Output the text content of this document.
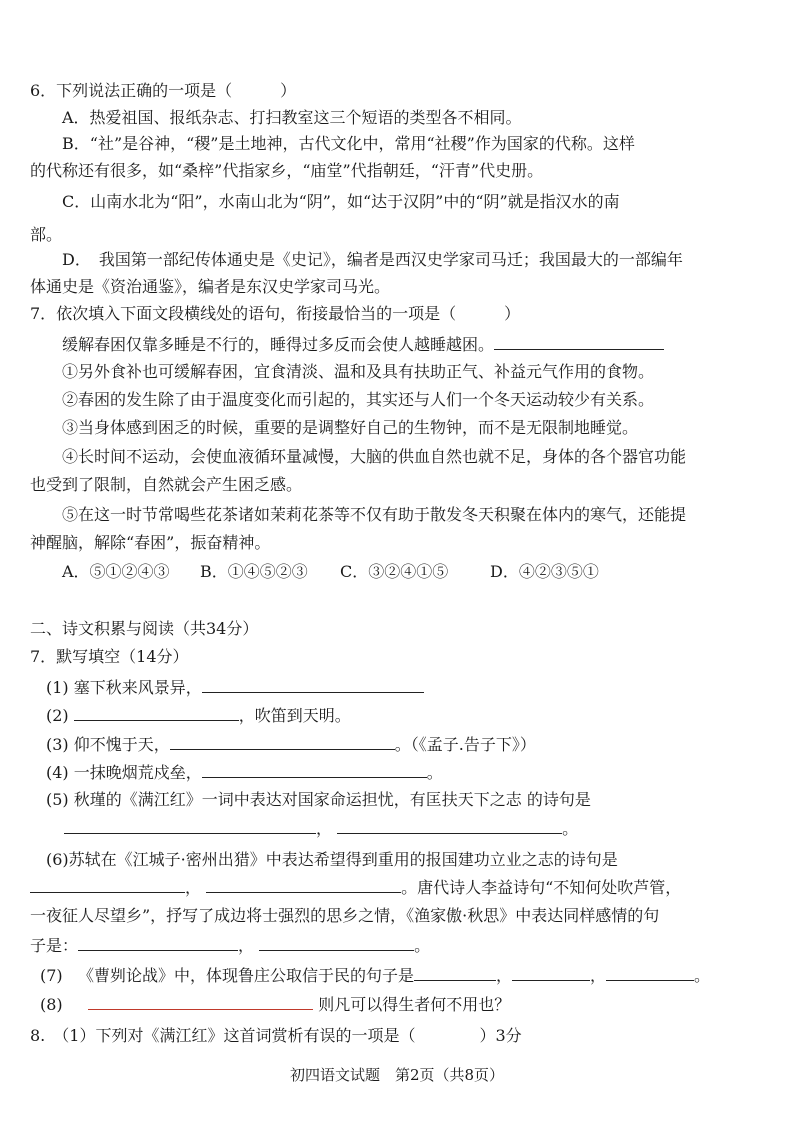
6．下列说法正确的一项是（　　　）
A．热爱祖国、报纸杂志、打扫教室这三个短语的类型各不相同。
B．“社”是谷神，“稷”是土地神，古代文化中，常用“社稷”作为国家的代称。这样
的代称还有很多，如“桑梓”代指家乡，“庙堂”代指朝廷，“汗青”代史册。
C．山南水北为“阳”，水南山北为“阴”，如“达于汉阴”中的“阴”就是指汉水的南
部。
D．　我国第一部纪传体通史是《史记》，编者是西汉史学家司马迁；我国最大的一部编年
体通史是《资治通鉴》，编者是东汉史学家司马光。
7．依次填入下面文段横线处的语句，衔接最恰当的一项是（　　　）
缓解春困仅靠多睡是不行的，睡得过多反而会使人越睡越困。
①另外食补也可缓解春困，宜食清淡、温和及具有扶助正气、补益元气作用的食物。
②春困的发生除了由于温度变化而引起的，其实还与人们一个冬天运动较少有关系。
③当身体感到困乏的时候，重要的是调整好自己的生物钟，而不是无限制地睡觉。
④长时间不运动，会使血液循环量减慢，大脑的供血自然也就不足，身体的各个器官功能
也受到了限制，自然就会产生困乏感。
⑤在这一时节常喝些花茶诸如茉莉花茶等不仅有助于散发冬天积聚在体内的寒气，还能提
神醒脑，解除“春困”，振奋精神。
A．⑤①②④③ B．①④⑤②③ C．③②④①⑤	D．④②③⑤①
二、诗文积累与阅读（共34分）
7．默写填空（14分）
(1) 塞下秋来风景异，
(2)	，吹笛到天明。
(3) 仰不愧于天，	。（《孟子.告子下》）
(4) 一抹晚烟荒戍垒，	。
(5) 秋瑾的《满江红》一词中表达对国家命运担忧，有匡扶天下之志 的诗句是
，	。
(6)苏轼在《江城子·密州出猎》中表达希望得到重用的报国建功立业之志的诗句是
，	。唐代诗人李益诗句“不知何处吹芦管，
一夜征人尽望乡”，抒写了成边将士强烈的思乡之情，《渔家傲·秋思》中表达同样感情的句
子是：	，	。
(7) 《曹刿论战》中，体现鲁庄公取信于民的句子是	，	，	。
(8)	则凡可以得生者何不用也？
8.　（1）下列对《满江红》这首词赏析有误的一项是（　　　　）3分
初四语文试题　第2页（共8页）
